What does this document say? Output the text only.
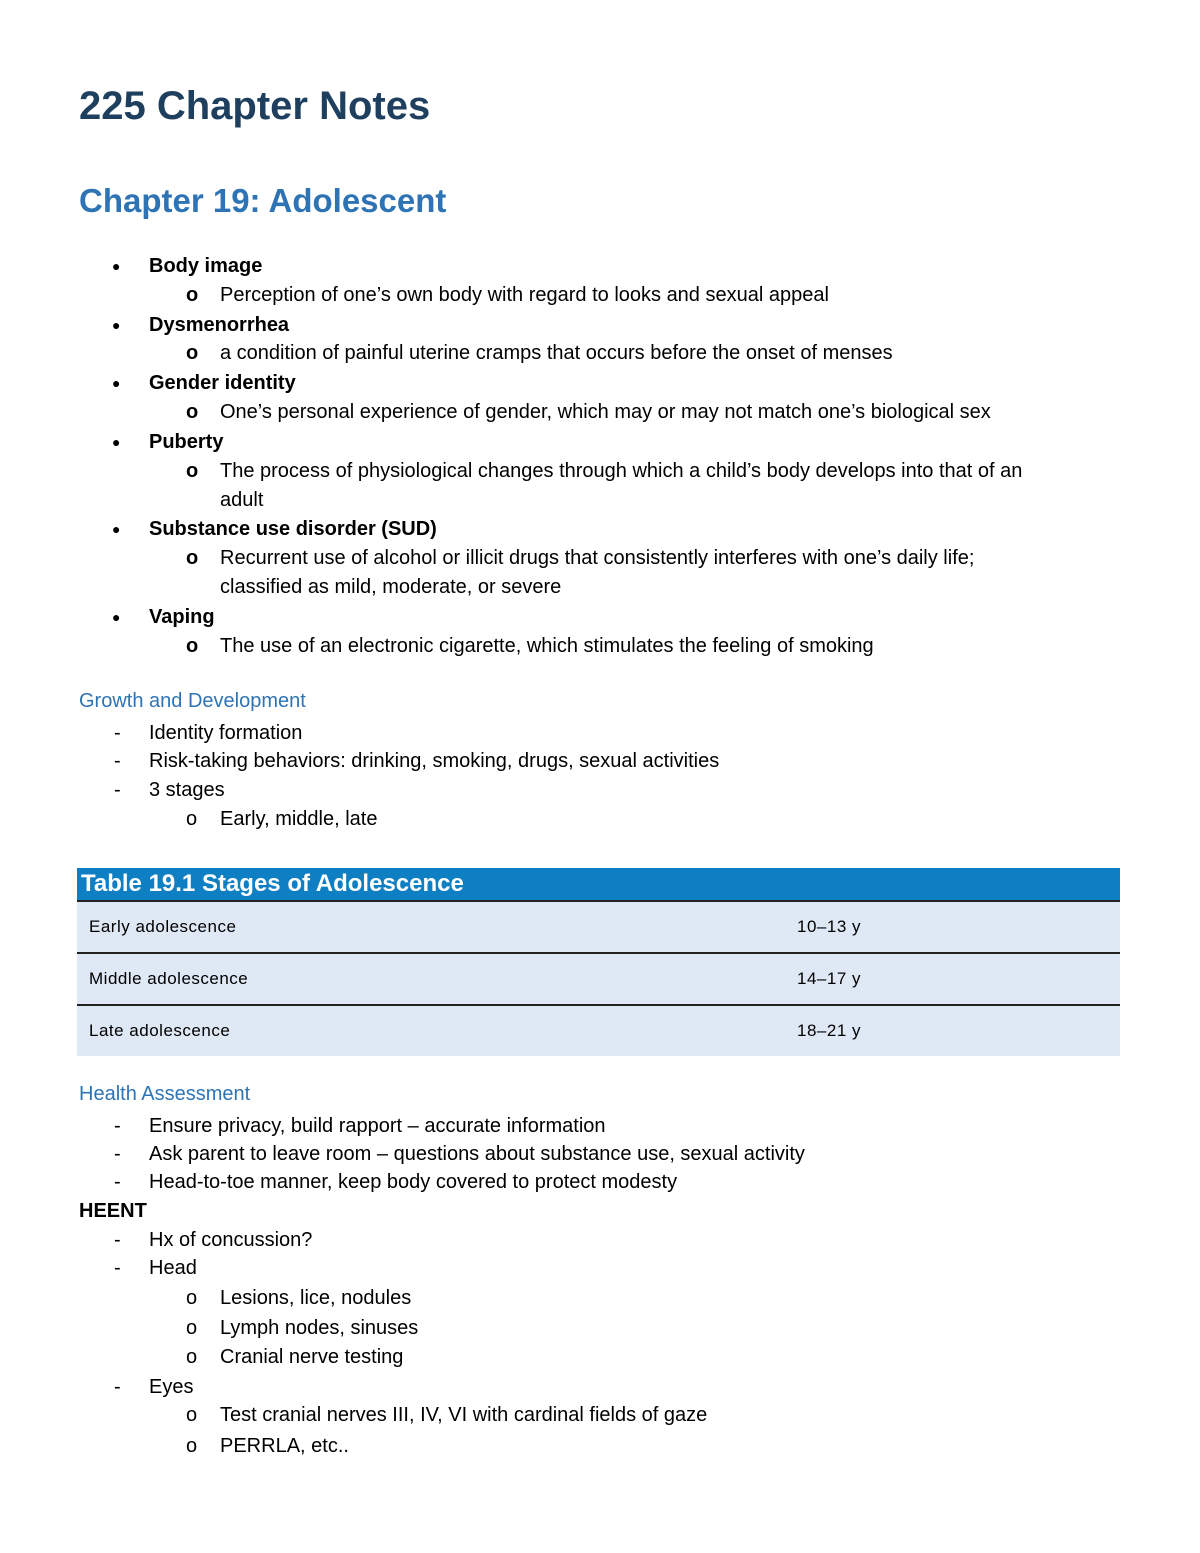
225 Chapter Notes
Chapter 19: Adolescent
● Body image
o Perception of one’s own body with regard to looks and sexual appeal
● Dysmenorrhea
o a condition of painful uterine cramps that occurs before the onset of menses
● Gender identity
o One’s personal experience of gender, which may or may not match one’s biological sex
● Puberty
o The process of physiological changes through which a child’s body develops into that of an
adult
● Substance use disorder (SUD)
o Recurrent use of alcohol or illicit drugs that consistently interferes with one’s daily life;
classified as mild, moderate, or severe
● Vaping
o The use of an electronic cigarette, which stimulates the feeling of smoking
Growth and Development
- Identity formation
- Risk-taking behaviors: drinking, smoking, drugs, sexual activities
- 3 stages
o Early, middle, late
Table 19.1 Stages of Adolescence
Early adolescence	10–13 y
Middle adolescence	14–17 y
Late adolescence	18–21 y
Health Assessment
- Ensure privacy, build rapport – accurate information
- Ask parent to leave room – questions about substance use, sexual activity
- Head-to-toe manner, keep body covered to protect modesty
HEENT
- Hx of concussion?
- Head
o Lesions, lice, nodules
o Lymph nodes, sinuses
o Cranial nerve testing
- Eyes
o Test cranial nerves III, IV, VI with cardinal fields of gaze
o PERRLA, etc..
